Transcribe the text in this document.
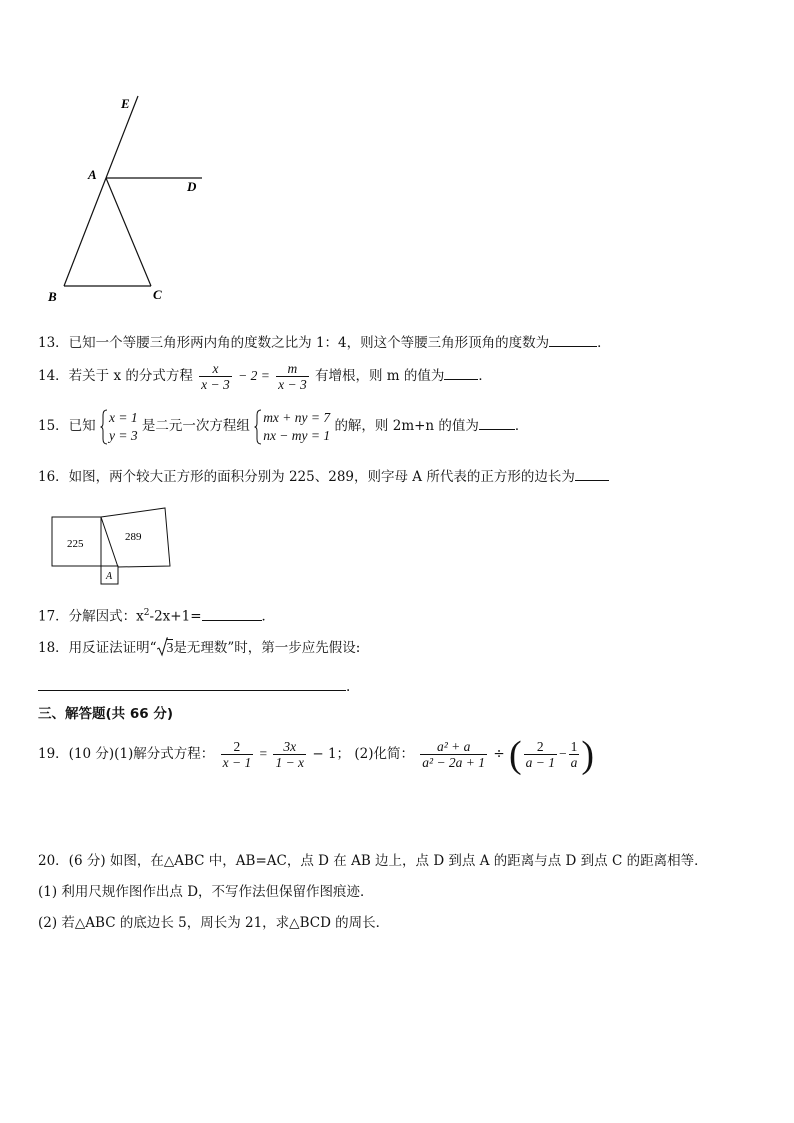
E
A
D
B	C
13．已知一个等腰三角形两内角的度数之比为 1：4，则这个等腰三角形顶角的度数为	．
14．若关于 x 的分式方程 $\frac{x}{x - 3} - 2 = \frac{m}{x - 3}$ 有增根，则 m 的值为	．
15．已知
x = 1
y = 3
是二元一次方程组
mx + ny = 7
nx − my = 1
的解，则 2m+n 的值为	．
16．如图，两个较大正方形的面积分别为 225、289，则字母 A 所代表的正方形的边长为
225
289
A
17．分解因式：$x^2-2x+1=$	．
18．用反证法证明“ 3是无理数”时，第一步应先假设:
.
三、解答题(共 66 分)
19．(10 分)(1)解分式方程： $\frac{2}{x - 1} = \frac{3x}{1 - x} - 1$； (2)化简： $\frac{\text{a² + a}}{\text{a² − 2a + 1}}$ ÷ ( $\frac{2}{a - 1} - \frac{1}{a}$ )
20．(6 分) 如图，在△ABC 中，AB=AC，点 D 在 AB 边上，点 D 到点 A 的距离与点 D 到点 C 的距离相等．
(1) 利用尺规作图作出点 D，不写作法但保留作图痕迹．
(2) 若△ABC 的底边长 5，周长为 21，求△BCD 的周长．
